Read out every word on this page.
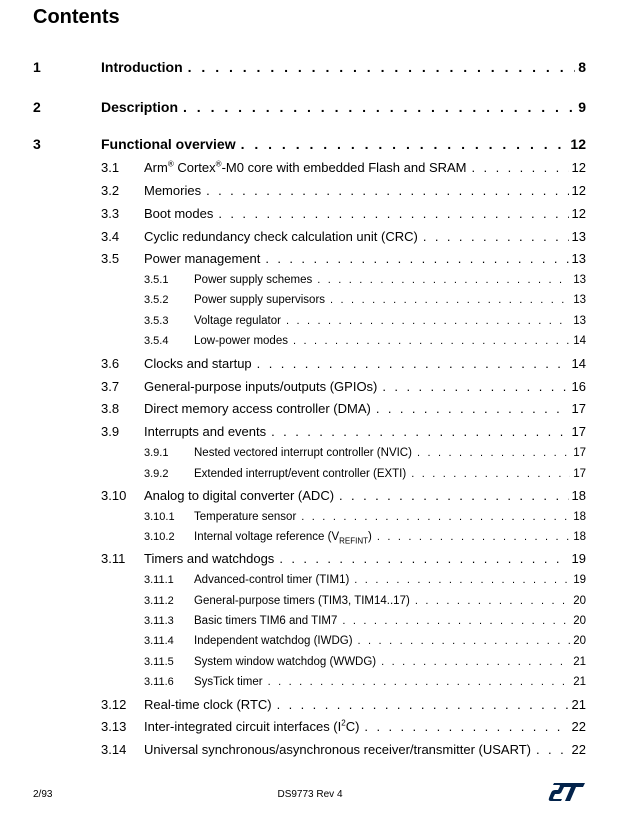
Contents
1	Introduction . . .	8
2	Description . . .	9
3	Functional overview . . .	12
3.1 Arm® Cortex®-M0 core with embedded Flash and SRAM . . .	12
3.2 Memories . . .	12
3.3 Boot modes . . .	12
3.4 Cyclic redundancy check calculation unit (CRC) . . .	13
3.5 Power management . . .	13
3.5.1 Power supply schemes . . .	13
3.5.2 Power supply supervisors . . .	13
3.5.3 Voltage regulator . . .	13
3.5.4 Low-power modes . . .	14
3.6 Clocks and startup . . .	14
3.7 General-purpose inputs/outputs (GPIOs) . . .	16
3.8 Direct memory access controller (DMA) . . .	17
3.9 Interrupts and events . . .	17
3.9.1 Nested vectored interrupt controller (NVIC) . . .	17
3.9.2 Extended interrupt/event controller (EXTI) . . .	17
3.10 Analog to digital converter (ADC) . . .	18
3.10.1 Temperature sensor . . .	18
3.10.2 Internal voltage reference $(V_{REFINT})$ . . .	18
3.11 Timers and watchdogs . . .	19
3.11.1 Advanced-control timer (TIM1) . . .	19
3.11.2 General-purpose timers (TIM3, TIM14..17) . . .	20
3.11.3 Basic timers TIM6 and TIM7 . . .	20
3.11.4 Independent watchdog (IWDG) . . .	20
3.11.5 System window watchdog (WWDG) . . .	21
3.11.6 SysTick timer . . .	21
3.12 Real-time clock (RTC) . . .	21
3.13 Inter-integrated circuit interfaces $(I^2C)$ . . .	22
3.14 Universal synchronous/asynchronous receiver/transmitter (USART) . . .	22
2/93	DS9773 Rev 4
